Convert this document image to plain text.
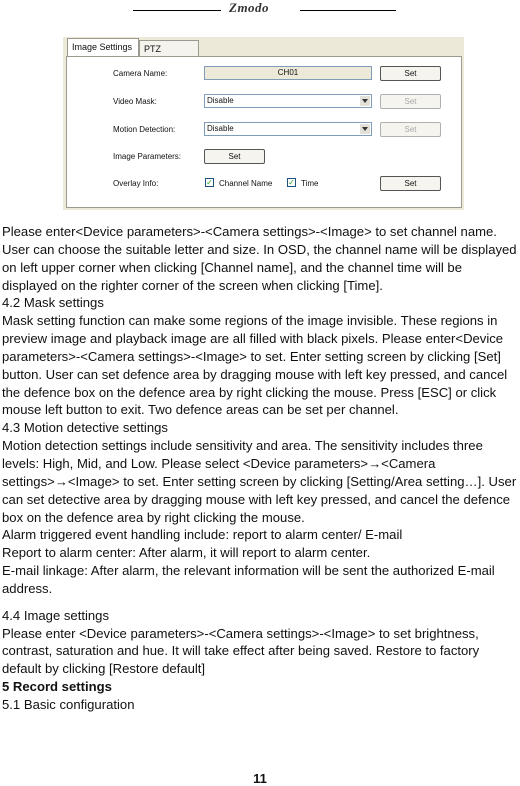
Zmodo
Image Settings	PTZ
Camera Name:	CH01	Set
Video Mask:	Disable	Set
Motion Detection:	Disable	Set
Image Parameters:	Set
Overlay Info:	✓ Channel Name ✓ Time	Set

Please enter<Device parameters>-<Camera settings>-<Image> to set channel name. User can choose the suitable letter and size. In OSD, the channel name will be displayed on left upper corner when clicking [Channel name], and the channel time will be displayed on the righter corner of the screen when clicking [Time].

4.2 Mask settings

Mask setting function can make some regions of the image invisible. These regions in preview image and playback image are all filled with black pixels. Please enter<Device parameters>-<Camera settings>-<Image> to set. Enter setting screen by clicking [Set] button. User can set defence area by dragging mouse with left key pressed, and cancel the defence box on the defence area by right clicking the mouse. Press [ESC] or click mouse left button to exit. Two defence areas can be set per channel.

4.3 Motion detective settings

Motion detection settings include sensitivity and area. The sensitivity includes three levels: High, Mid, and Low. Please select <Device parameters>→<Camera settings>→<Image> to set. Enter setting screen by clicking [Setting/Area setting…]. User can set detective area by dragging mouse with left key pressed, and cancel the defence box on the defence area by right clicking the mouse.

Alarm triggered event handling include: report to alarm center/ E-mail

Report to alarm center: After alarm, it will report to alarm center.

E-mail linkage: After alarm, the relevant information will be sent the authorized E-mail address.

4.4 Image settings

Please enter <Device parameters>-<Camera settings>-<Image> to set brightness, contrast, saturation and hue. It will take effect after being saved. Restore to factory default by clicking [Restore default]

5 Record settings

5.1 Basic configuration

11
